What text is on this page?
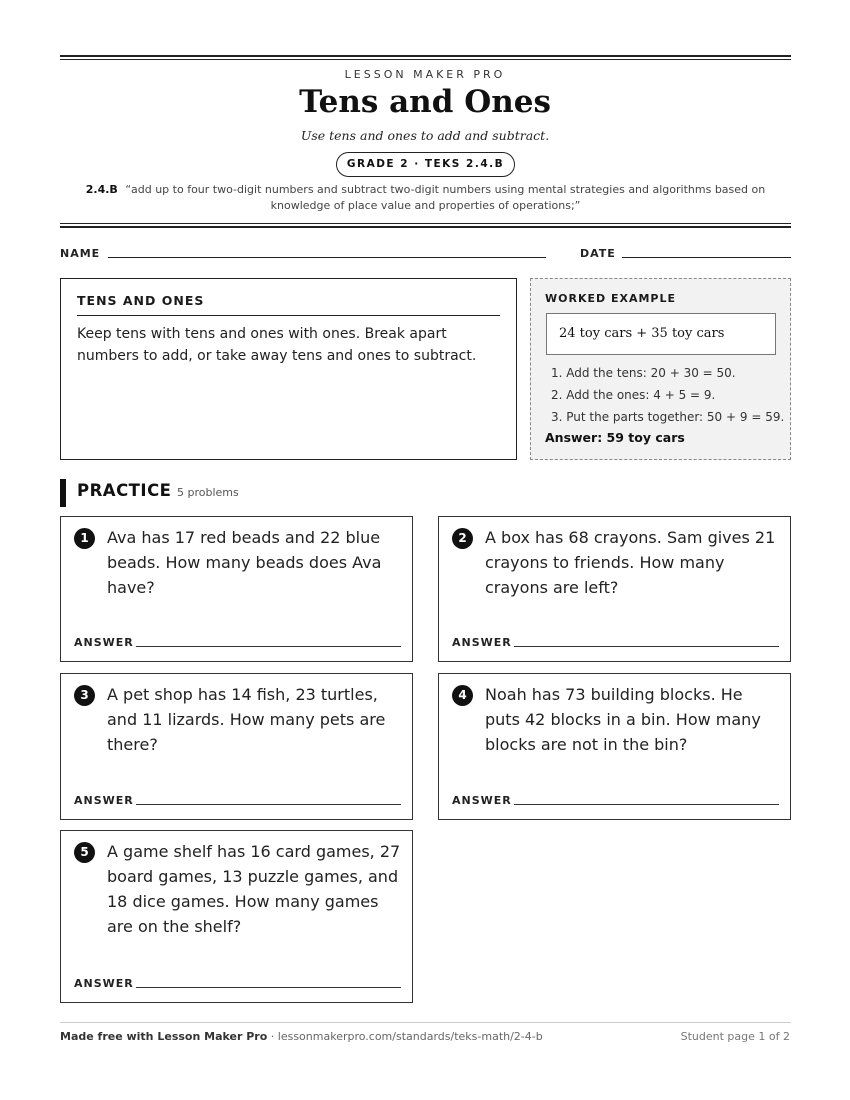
LESSON MAKER PRO
Tens and Ones
Use tens and ones to add and subtract.
GRADE 2 · TEKS 2.4.B
2.4.B “add up to four two-digit numbers and subtract two-digit numbers using mental strategies and algorithms based on knowledge of place value and properties of operations;”
NAME	DATE
TENS AND ONES
Keep tens with tens and ones with ones. Break apart numbers to add, or take away tens and ones to subtract.
WORKED EXAMPLE
24 toy cars + 35 toy cars
1. Add the tens: 20 + 30 = 50.
2. Add the ones: 4 + 5 = 9.
3. Put the parts together: 50 + 9 = 59.
Answer: 59 toy cars
PRACTICE 5 problems
1	Ava has 17 red beads and 22 blue beads. How many beads does Ava have?
ANSWER
2	A box has 68 crayons. Sam gives 21 crayons to friends. How many crayons are left?
ANSWER
3	A pet shop has 14 fish, 23 turtles, and 11 lizards. How many pets are there?
ANSWER
4	Noah has 73 building blocks. He puts 42 blocks in a bin. How many blocks are not in the bin?
ANSWER
5	A game shelf has 16 card games, 27 board games, 13 puzzle games, and 18 dice games. How many games are on the shelf?
ANSWER
Made free with Lesson Maker Pro · lessonmakerpro.com/standards/teks-math/2-4-b	Student page 1 of 2
